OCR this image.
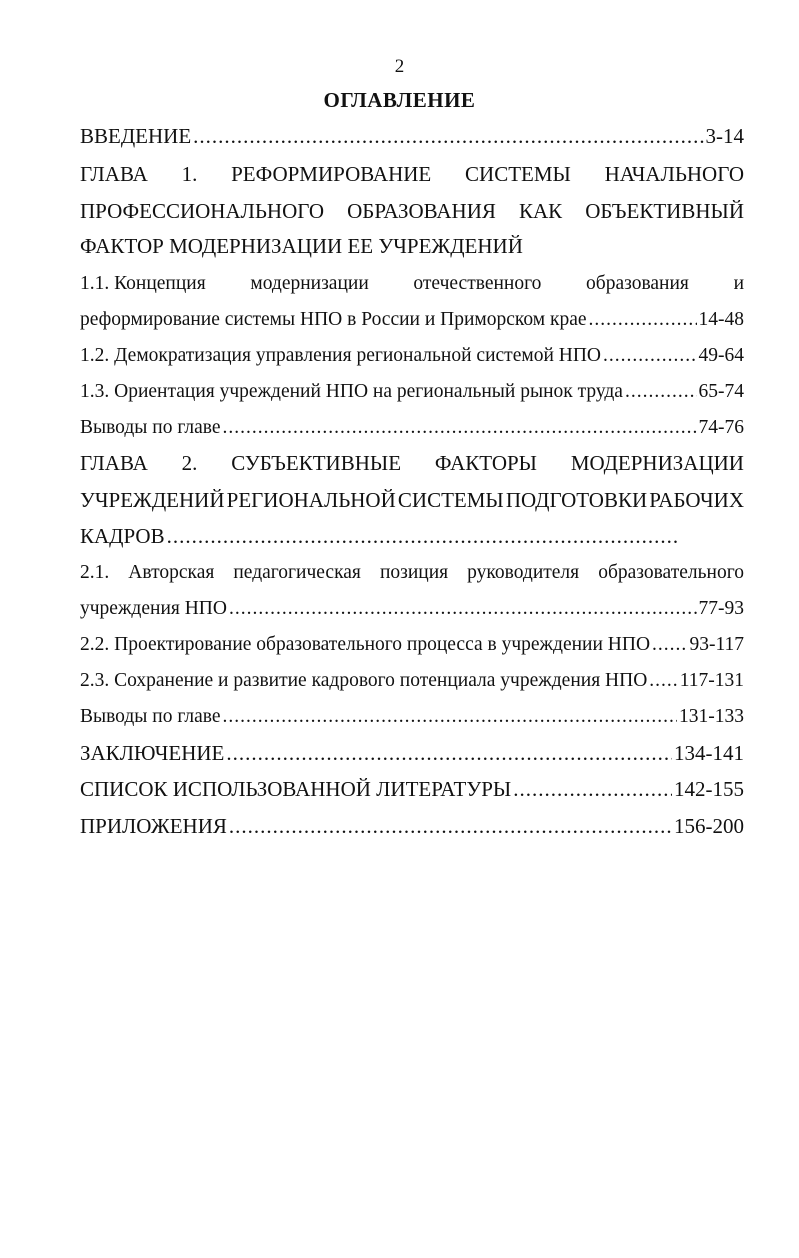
2
ОГЛАВЛЕНИЕ
ВВЕДЕНИЕ .....	3-14
ГЛАВА 1. РЕФОРМИРОВАНИЕ СИСТЕМЫ НАЧАЛЬНОГО
ПРОФЕССИОНАЛЬНОГО ОБРАЗОВАНИЯ КАК ОБЪЕКТИВНЫЙ
ФАКТОР МОДЕРНИЗАЦИИ ЕЕ УЧРЕЖДЕНИЙ
1.1. Концепция модернизации отечественного образования и
реформирование системы НПО в России и Приморском крае .....	14-48
1.2. Демократизация управления региональной системой НПО .....	49-64
1.3. Ориентация учреждений НПО на региональный рынок труда .....	65-74
Выводы по главе .....	74-76
ГЛАВА 2. СУБЪЕКТИВНЫЕ ФАКТОРЫ МОДЕРНИЗАЦИИ
УЧРЕЖДЕНИЙ РЕГИОНАЛЬНОЙ СИСТЕМЫ ПОДГОТОВКИ РАБОЧИХ
КАДРОВ
.....
2.1. Авторская педагогическая позиция руководителя образовательного
учреждения НПО .....	77-93
2.2. Проектирование образовательного процесса в учреждении НПО ..... 93-117
2.3. Сохранение и развитие кадрового потенциала учреждения НПО ..... 117-131
Выводы по главе .....	131-133
ЗАКЛЮЧЕНИЕ .....	134-141
СПИСОК ИСПОЛЬЗОВАННОЙ ЛИТЕРАТУРЫ .....	142-155
ПРИЛОЖЕНИЯ .....	156-200
